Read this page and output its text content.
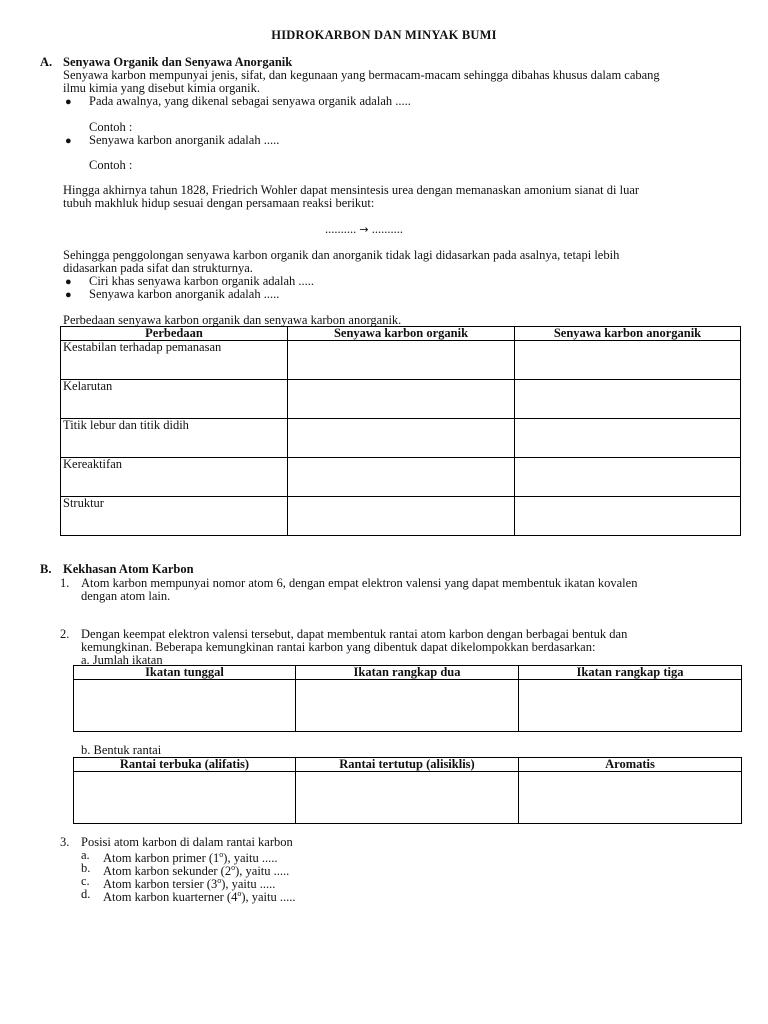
HIDROKARBON DAN MINYAK BUMI
A. Senyawa Organik dan Senyawa Anorganik
Senyawa karbon mempunyai jenis, sifat, dan kegunaan yang bermacam-macam sehingga dibahas khusus dalam cabang
ilmu kimia yang disebut kimia organik.
● Pada awalnya, yang dikenal sebagai senyawa organik adalah .....
Contoh :
● Senyawa karbon anorganik adalah .....
Contoh :
Hingga akhirnya tahun 1828, Friedrich Wohler dapat mensintesis urea dengan memanaskan amonium sianat di luar
tubuh makhluk hidup sesuai dengan persamaan reaksi berikut:
.......... → ..........
Sehingga penggolongan senyawa karbon organik dan anorganik tidak lagi didasarkan pada asalnya, tetapi lebih
didasarkan pada sifat dan strukturnya.
● Ciri khas senyawa karbon organik adalah .....
● Senyawa karbon anorganik adalah .....
Perbedaan senyawa karbon organik dan senyawa karbon anorganik.
Perbedaan	Senyawa karbon organik	Senyawa karbon anorganik
Kestabilan terhadap pemanasan		
Kelarutan		
Titik lebur dan titik didih		
Kereaktifan		
Struktur		
B. Kekhasan Atom Karbon
1. Atom karbon mempunyai nomor atom 6, dengan empat elektron valensi yang dapat membentuk ikatan kovalen
dengan atom lain.
2. Dengan keempat elektron valensi tersebut, dapat membentuk rantai atom karbon dengan berbagai bentuk dan
kemungkinan. Beberapa kemungkinan rantai karbon yang dibentuk dapat dikelompokkan berdasarkan:
a. Jumlah ikatan
Ikatan tunggal	Ikatan rangkap dua	Ikatan rangkap tiga

b. Bentuk rantai
Rantai terbuka (alifatis)	Rantai tertutup (alisiklis)	Aromatis

3. Posisi atom karbon di dalam rantai karbon
a. Atom karbon primer (1$^o$), yaitu .....
b. Atom karbon sekunder (2$^o$), yaitu .....
c. Atom karbon tersier (3$^o$), yaitu .....
d. Atom karbon kuarterner (4$^o$), yaitu .....
